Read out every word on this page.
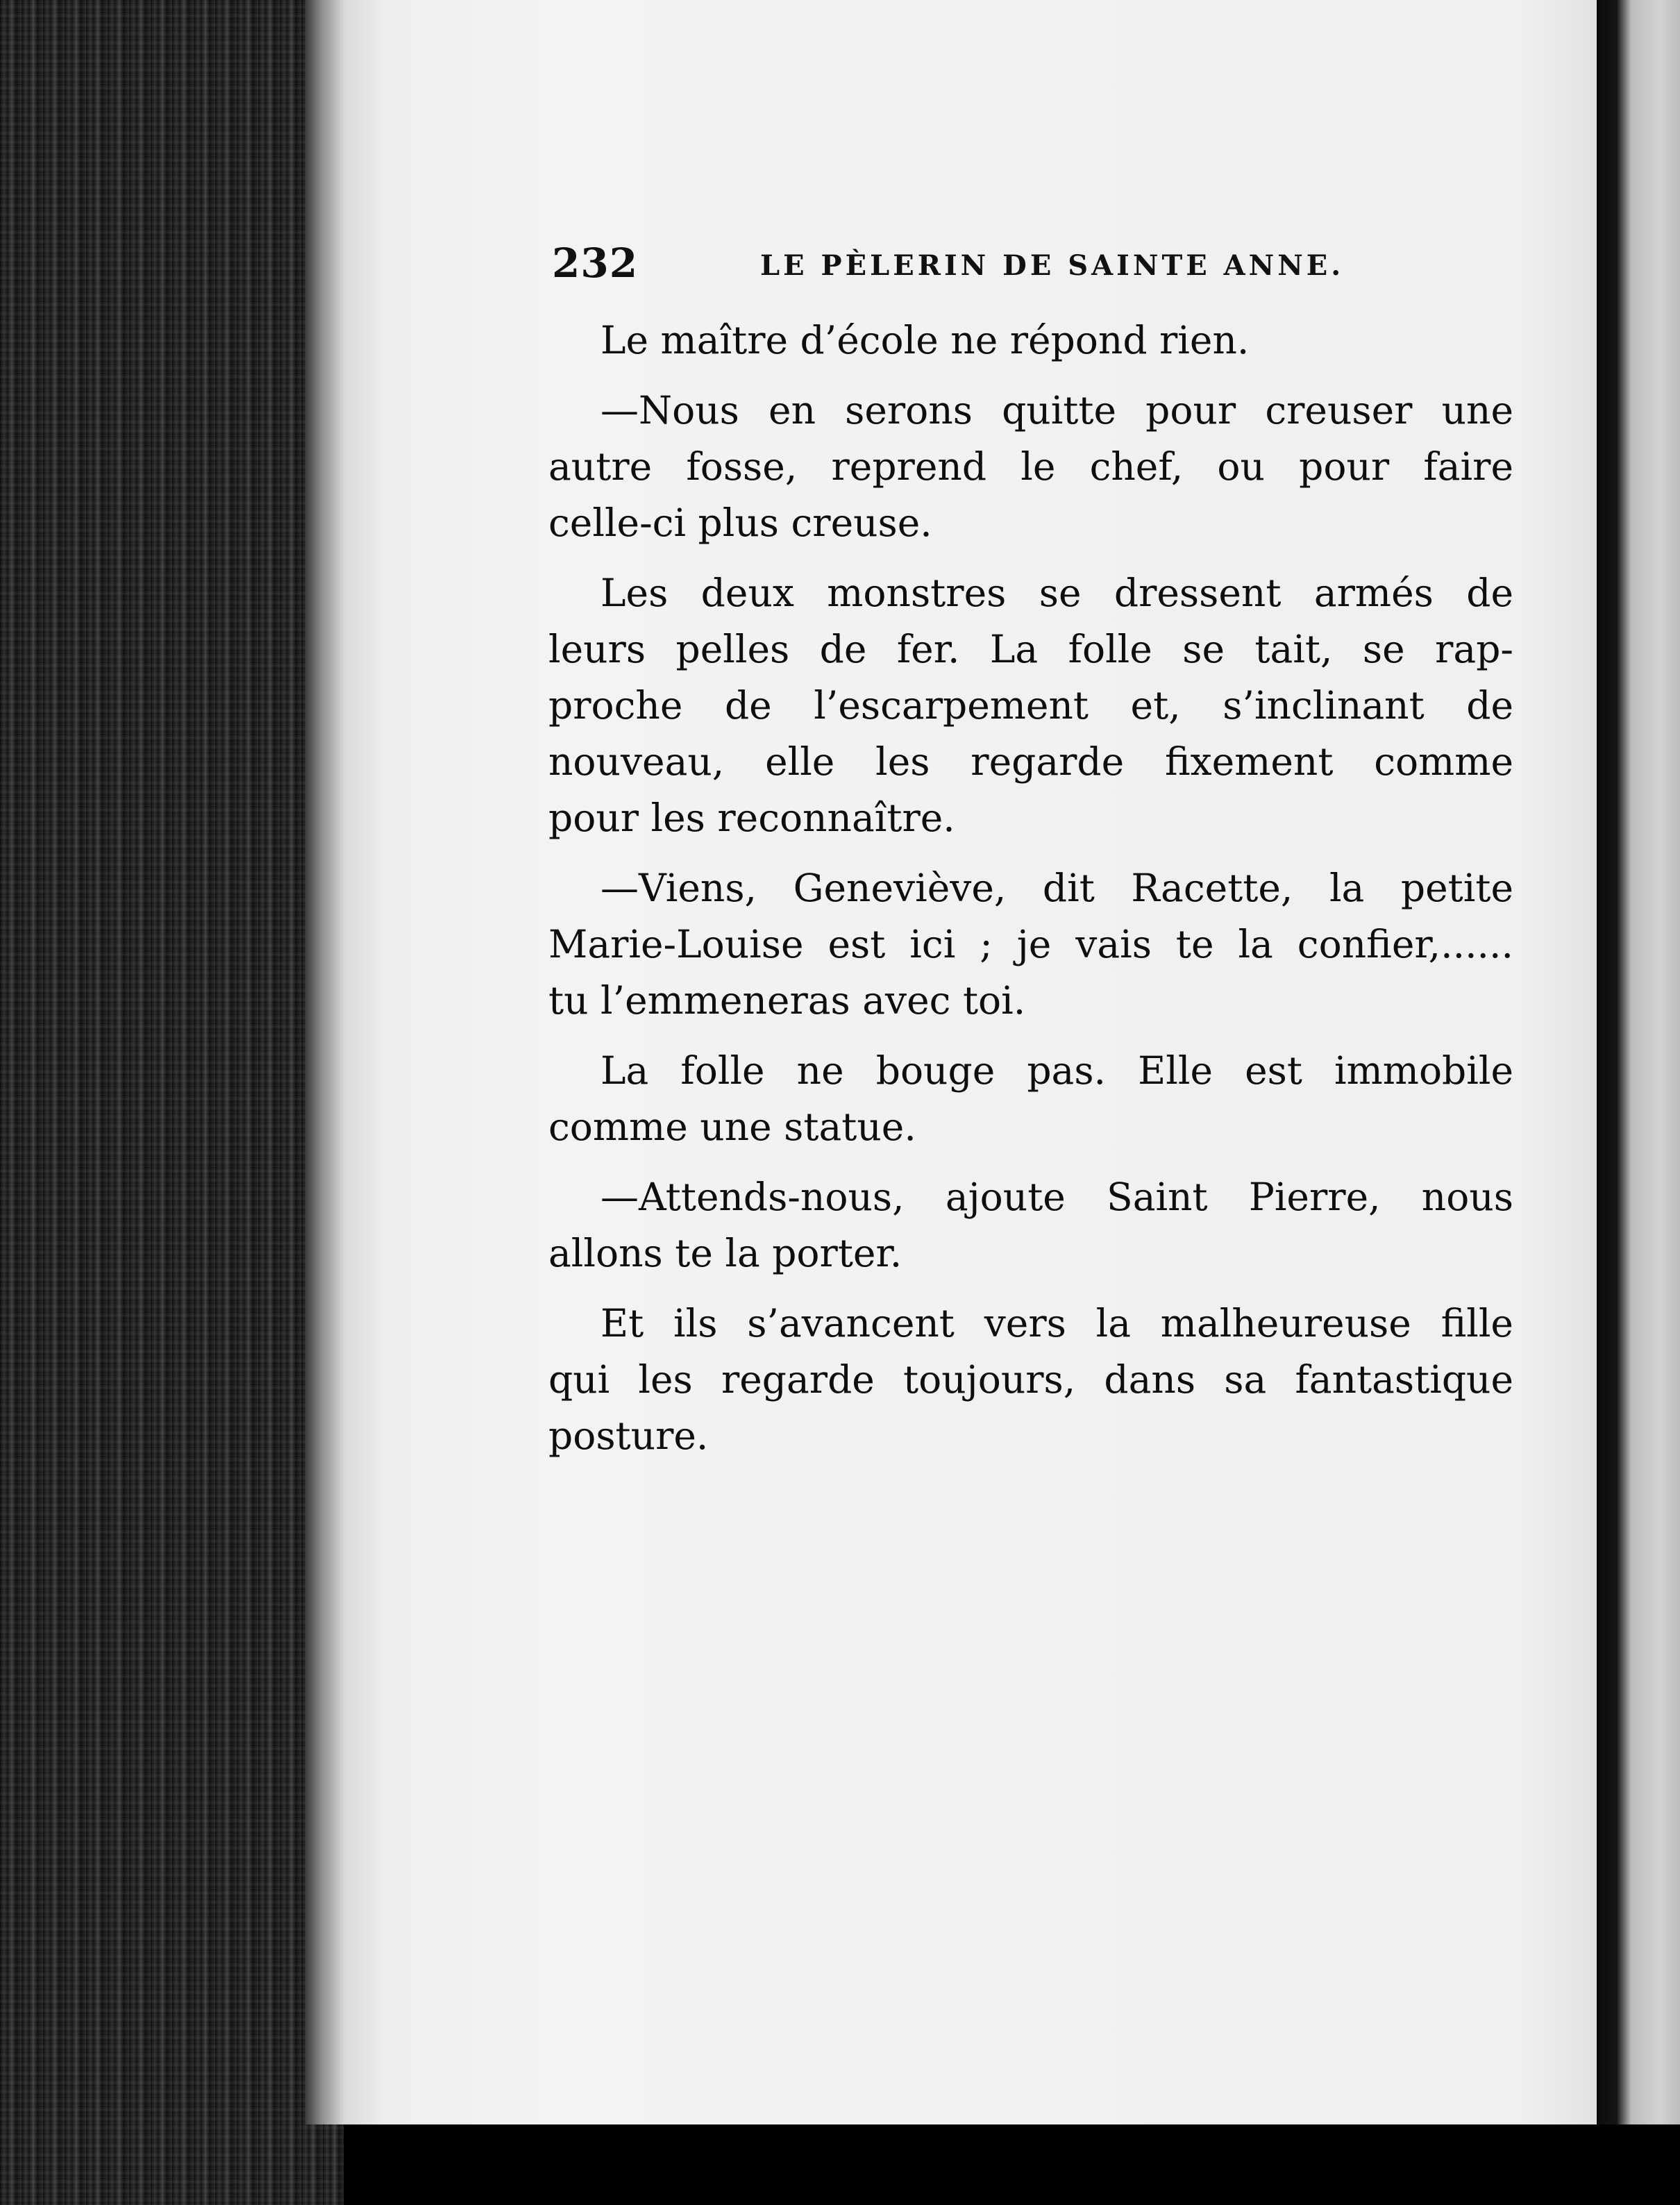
232	LE PÈLERIN DE SAINTE ANNE.

Le maître d’école ne répond rien.

—Nous en serons quitte pour creuser une
autre fosse, reprend le chef, ou pour faire
celle-ci plus creuse.

Les deux monstres se dressent armés de
leurs pelles de fer. La folle se tait, se rap-
proche de l’escarpement et, s’inclinant de
nouveau, elle les regarde fixement comme
pour les reconnaître.

—Viens, Geneviève, dit Racette, la petite
Marie-Louise est ici ; je vais te la confier,......
tu l’emmeneras avec toi.

La folle ne bouge pas. Elle est immobile
comme une statue.

—Attends-nous, ajoute Saint Pierre, nous
allons te la porter.

Et ils s’avancent vers la malheureuse fille
qui les regarde toujours, dans sa fantastique
posture.
